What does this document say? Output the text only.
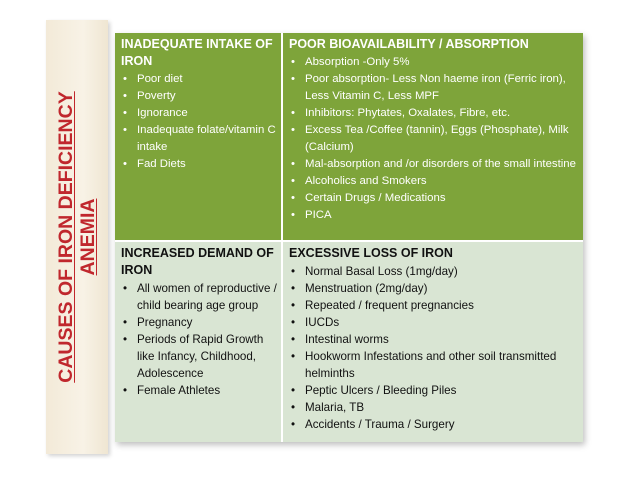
CAUSES OF IRON DEFICIENCY ANEMIA

INADEQUATE INTAKE OF IRON

• Poor diet
• Poverty
• Ignorance
• Inadequate folate/vitamin C intake
• Fad Diets

POOR BIOAVAILABILITY / ABSORPTION

• Absorption -Only 5%
• Poor absorption- Less Non haeme iron (Ferric iron), Less Vitamin C, Less MPF
• Inhibitors: Phytates, Oxalates, Fibre, etc.
• Excess Tea /Coffee (tannin), Eggs (Phosphate), Milk (Calcium)
• Mal-absorption and /or disorders of the small intestine
• Alcoholics and Smokers
• Certain Drugs / Medications
• PICA

INCREASED DEMAND OF IRON

• All women of reproductive / child bearing age group
• Pregnancy
• Periods of Rapid Growth like Infancy, Childhood, Adolescence
• Female Athletes

EXCESSIVE LOSS OF IRON

• Normal Basal Loss (1mg/day)
• Menstruation (2mg/day)
• Repeated / frequent pregnancies
• IUCDs
• Intestinal worms
• Hookworm Infestations and other soil transmitted helminths
• Peptic Ulcers / Bleeding Piles
• Malaria, TB
• Accidents / Trauma / Surgery
